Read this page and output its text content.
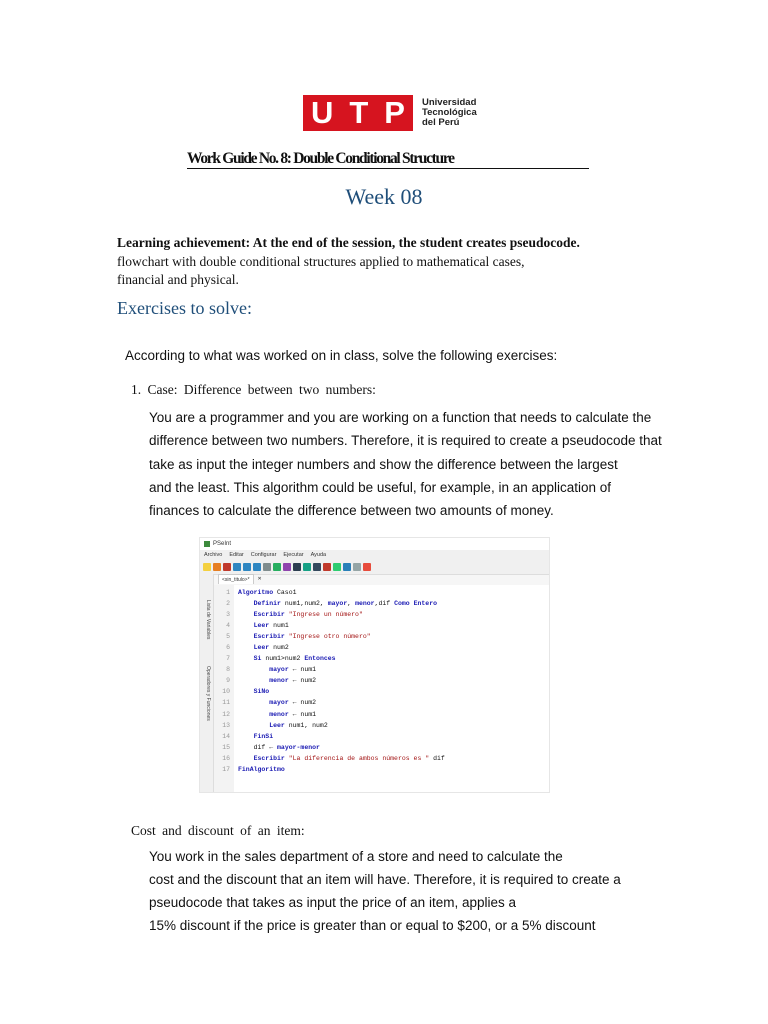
U T P Universidad
Tecnológica
del Perú
Work Guide No. 8: Double Conditional Structure
Week 08
Learning achievement: At the end of the session, the student creates pseudocode.
flowchart with double conditional structures applied to mathematical cases,
financial and physical.
Exercises to solve:
According to what was worked on in class, solve the following exercises:
1. Case: Difference between two numbers:
You are a programmer and you are working on a function that needs to calculate the
difference between two numbers. Therefore, it is required to create a pseudocode that
take as input the integer numbers and show the difference between the largest
and the least. This algorithm could be useful, for example, in an application of
finances to calculate the difference between two amounts of money.
PSeInt
Archivo Editar Configurar Ejecutar Ayuda
Lista de Variables
Operadores y Funciones
<sin_titulo>*	✕
1 Algoritmo Caso1
2	Definir num1,num2, mayor, menor,dif Como Entero
3	Escribir "Ingrese un número"
4	Leer num1
5	Escribir "Ingrese otro número"
6	Leer num2
7	Si num1>num2 Entonces
8	mayor ← num1
9	menor ← num2
10	SiNo
11	mayor ← num2
12	menor ← num1
13	Leer num1, num2
14	FinSi
15	dif ← mayor-menor
16	Escribir "La diferencia de ambos números es " dif
17 FinAlgoritmo
Cost and discount of an item:
You work in the sales department of a store and need to calculate the
cost and the discount that an item will have. Therefore, it is required to create a
pseudocode that takes as input the price of an item, applies a
15% discount if the price is greater than or equal to $200, or a 5% discount
